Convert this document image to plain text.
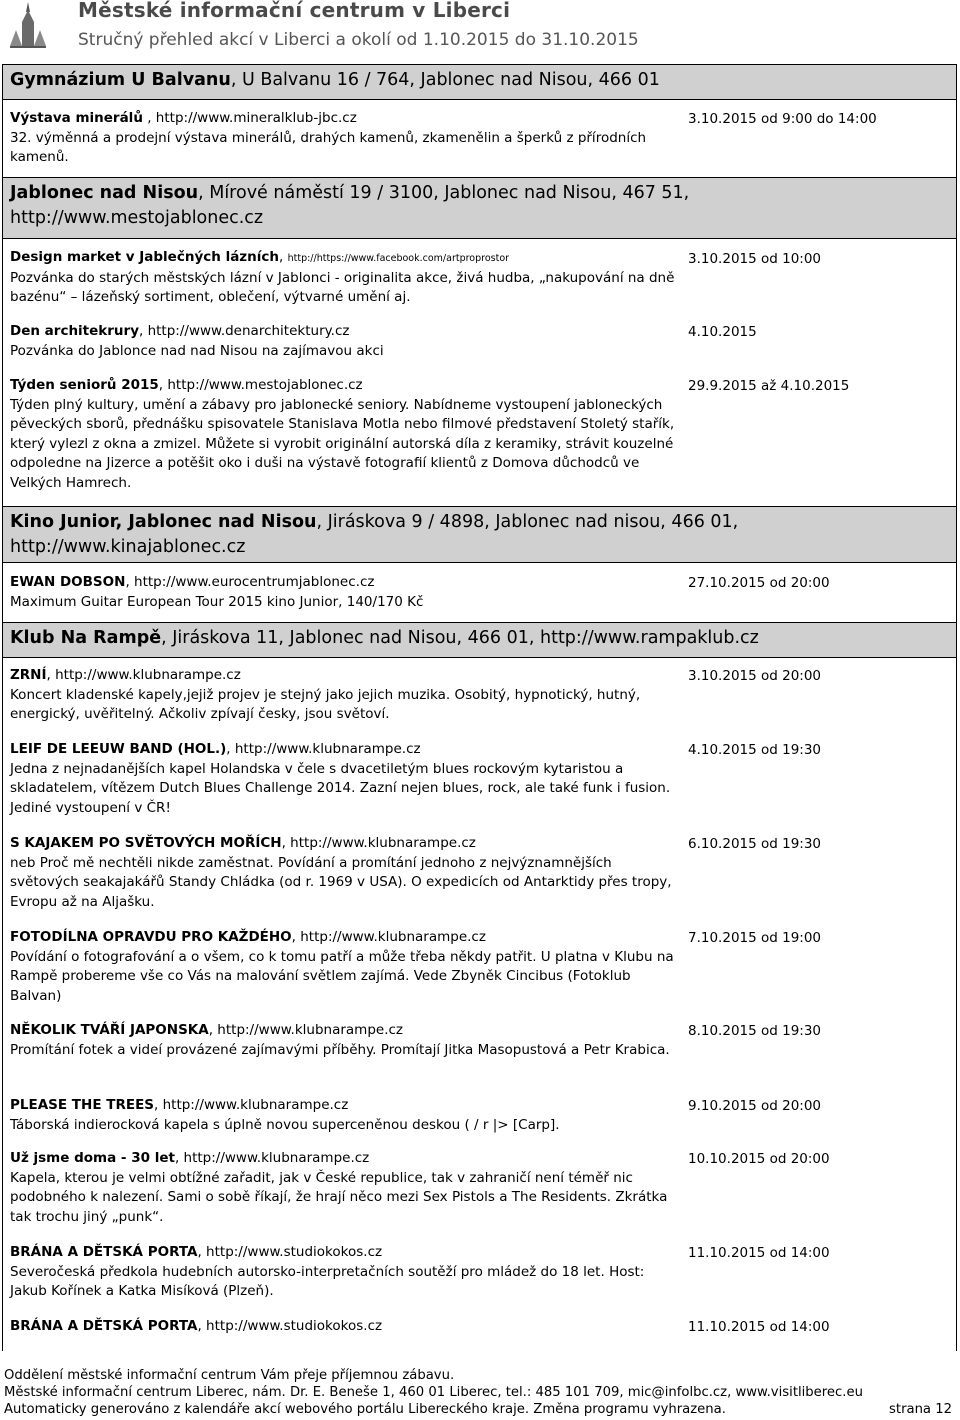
Městské informační centrum v Liberci
Stručný přehled akcí v Liberci a okolí od 1.10.2015 do 31.10.2015
Gymnázium U Balvanu, U Balvanu 16 / 764, Jablonec nad Nisou, 466 01
Výstava minerálů , http://www.mineralklub-jbc.cz
32. výměnná a prodejní výstava minerálů, drahých kamenů, zkamenělin a šperků z přírodních kamenů.
3.10.2015 od 9:00 do 14:00
Jablonec nad Nisou, Mírové náměstí 19 / 3100, Jablonec nad Nisou, 467 51,
http://www.mestojablonec.cz
Design market v Jablečných lázních, http://https://www.facebook.com/artproprostor
Pozvánka do starých městských lázní v Jablonci - originalita akce, živá hudba, „nakupování na dně bazénu“ – lázeňský sortiment, oblečení, výtvarné umění aj.
3.10.2015 od 10:00
Den architekrury, http://www.denarchitektury.cz
Pozvánka do Jablonce nad nad Nisou na zajímavou akci
4.10.2015
Týden seniorů 2015, http://www.mestojablonec.cz
Týden plný kultury, umění a zábavy pro jablonecké seniory. Nabídneme vystoupení jabloneckých pěveckých sborů, přednášku spisovatele Stanislava Motla nebo filmové představení Stoletý stařík, který vylezl z okna a zmizel. Můžete si vyrobit originální autorská díla z keramiky, strávit kouzelné odpoledne na Jizerce a potěšit oko i duši na výstavě fotografií klientů z Domova důchodců ve Velkých Hamrech.
29.9.2015 až 4.10.2015
Kino Junior, Jablonec nad Nisou, Jiráskova 9 / 4898, Jablonec nad nisou, 466 01,
http://www.kinajablonec.cz
EWAN DOBSON, http://www.eurocentrumjablonec.cz
Maximum Guitar European Tour 2015 kino Junior, 140/170 Kč
27.10.2015 od 20:00
Klub Na Rampě, Jiráskova 11, Jablonec nad Nisou, 466 01, http://www.rampaklub.cz
ZRNÍ, http://www.klubnarampe.cz
Koncert kladenské kapely,jejiž projev je stejný jako jejich muzika. Osobitý, hypnotický, hutný, energický, uvěřitelný. Ačkoliv zpívají česky, jsou světoví.
3.10.2015 od 20:00
LEIF DE LEEUW BAND (HOL.), http://www.klubnarampe.cz
Jedna z nejnadanějších kapel Holandska v čele s dvacetiletým blues rockovým kytaristou a skladatelem, vítězem Dutch Blues Challenge 2014. Zazní nejen blues, rock, ale také funk i fusion. Jediné vystoupení v ČR!
4.10.2015 od 19:30
S KAJAKEM PO SVĚTOVÝCH MOŘÍCH, http://www.klubnarampe.cz
neb Proč mě nechtěli nikde zaměstnat. Povídání a promítání jednoho z nejvýznamnějších světových seakajakářů Standy Chládka (od r. 1969 v USA). O expedicích od Antarktidy přes tropy, Evropu až na Aljašku.
6.10.2015 od 19:30
FOTODÍLNA OPRAVDU PRO KAŽDÉHO, http://www.klubnarampe.cz
Povídání o fotografování a o všem, co k tomu patří a může třeba někdy patřit. U platna v Klubu na Rampě probereme vše co Vás na malování světlem zajímá. Vede Zbyněk Cincibus (Fotoklub Balvan)
7.10.2015 od 19:00
NĚKOLIK TVÁŘÍ JAPONSKA, http://www.klubnarampe.cz
Promítání fotek a videí provázené zajímavými příběhy. Promítají Jitka Masopustová a Petr Krabica.
8.10.2015 od 19:30
PLEASE THE TREES, http://www.klubnarampe.cz
Táborská indierocková kapela s úplně novou superceněnou deskou ( / r |> [Carp].
9.10.2015 od 20:00
Už jsme doma - 30 let, http://www.klubnarampe.cz
Kapela, kterou je velmi obtížné zařadit, jak v České republice, tak v zahraničí není téměř nic podobného k nalezení. Sami o sobě říkají, že hrají něco mezi Sex Pistols a The Residents. Zkrátka tak trochu jiný „punk“.
10.10.2015 od 20:00
BRÁNA A DĚTSKÁ PORTA, http://www.studiokokos.cz
Severočeská předkola hudebních autorsko-interpretačních soutěží pro mládež do 18 let. Host: Jakub Kořínek a Katka Misíková (Plzeň).
11.10.2015 od 14:00
BRÁNA A DĚTSKÁ PORTA, http://www.studiokokos.cz	11.10.2015 od 14:00
Oddělení městské informační centrum Vám přeje příjemnou zábavu.
Městské informační centrum Liberec, nám. Dr. E. Beneše 1, 460 01 Liberec, tel.: 485 101 709, mic@infolbc.cz, www.visitliberec.eu
Automaticky generováno z kalendáře akcí webového portálu Libereckého kraje. Změna programu vyhrazena.	strana 12
